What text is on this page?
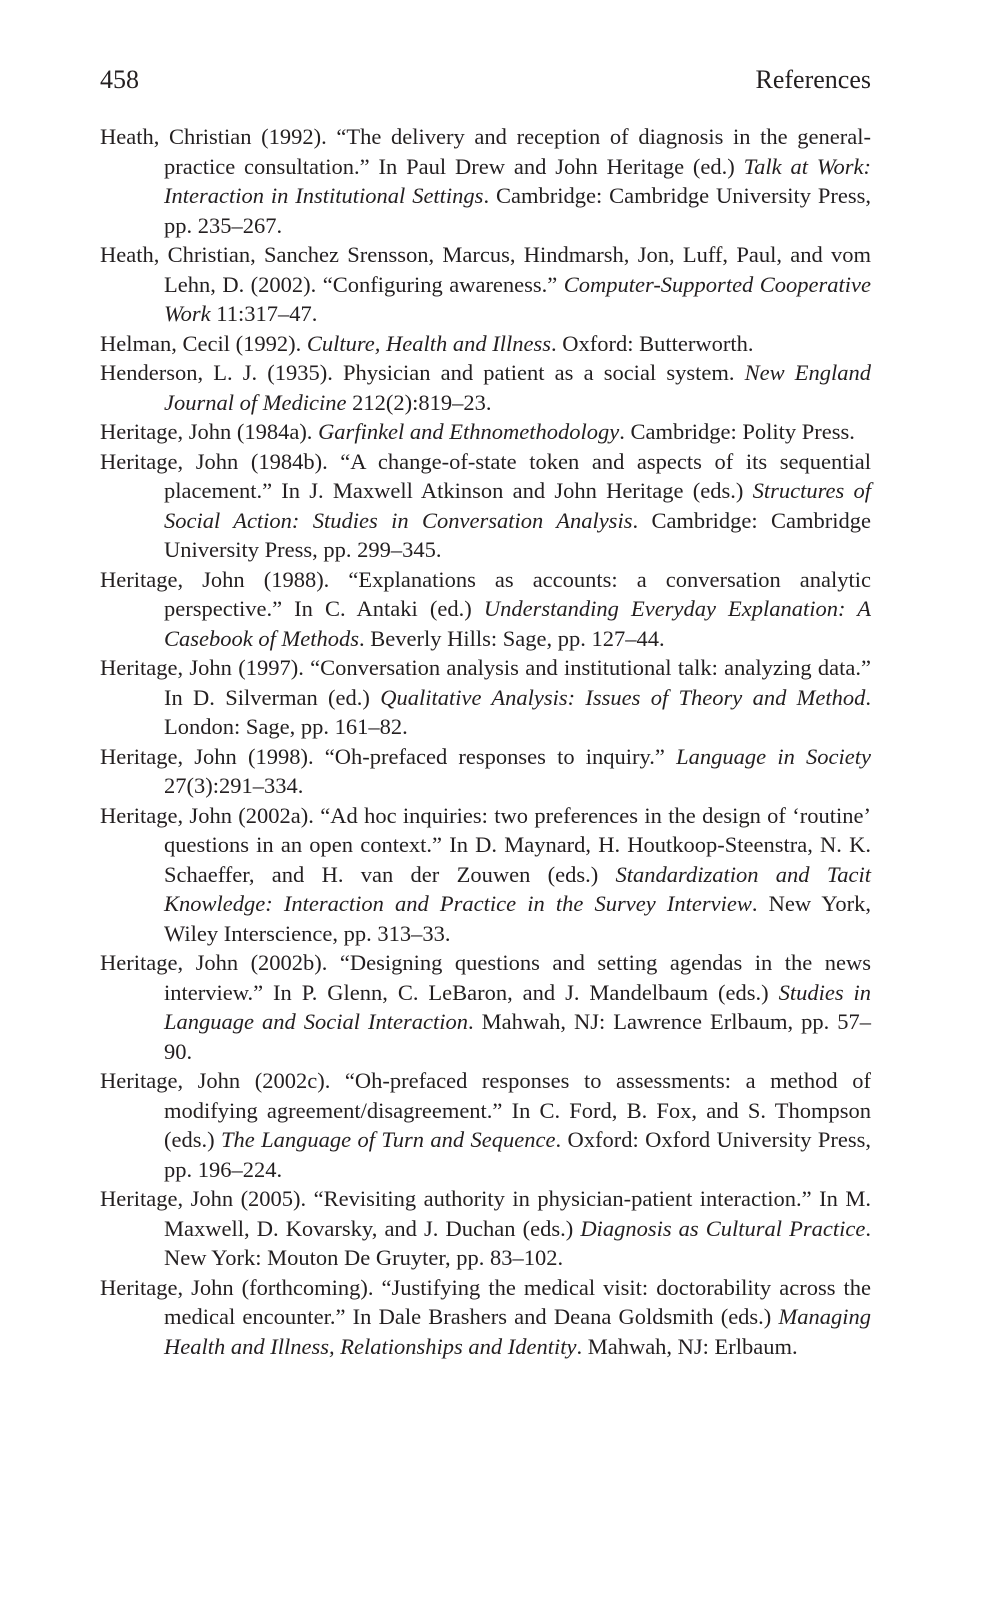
458	References
Heath, Christian (1992). “The delivery and reception of diagnosis in the general-practice consultation.” In Paul Drew and John Heritage (ed.) Talk at Work: Interaction in Institutional Settings. Cambridge: Cambridge University Press, pp. 235–267.
Heath, Christian, Sanchez Srensson, Marcus, Hindmarsh, Jon, Luff, Paul, and vom Lehn, D. (2002). “Configuring awareness.” Computer-Supported Cooperative Work 11:317–47.
Helman, Cecil (1992). Culture, Health and Illness. Oxford: Butterworth.
Henderson, L. J. (1935). Physician and patient as a social system. New England Journal of Medicine 212(2):819–23.
Heritage, John (1984a). Garfinkel and Ethnomethodology. Cambridge: Polity Press.
Heritage, John (1984b). “A change-of-state token and aspects of its sequential placement.” In J. Maxwell Atkinson and John Heritage (eds.) Structures of Social Action: Studies in Conversation Analysis. Cambridge: Cambridge University Press, pp. 299–345.
Heritage, John (1988). “Explanations as accounts: a conversation analytic perspective.” In C. Antaki (ed.) Understanding Everyday Explanation: A Casebook of Methods. Beverly Hills: Sage, pp. 127–44.
Heritage, John (1997). “Conversation analysis and institutional talk: analyzing data.” In D. Silverman (ed.) Qualitative Analysis: Issues of Theory and Method. London: Sage, pp. 161–82.
Heritage, John (1998). “Oh-prefaced responses to inquiry.” Language in Society 27(3):291–334.
Heritage, John (2002a). “Ad hoc inquiries: two preferences in the design of ‘routine’ questions in an open context.” In D. Maynard, H. Houtkoop-Steenstra, N. K. Schaeffer, and H. van der Zouwen (eds.) Standardization and Tacit Knowledge: Interaction and Practice in the Survey Interview. New York, Wiley Interscience, pp. 313–33.
Heritage, John (2002b). “Designing questions and setting agendas in the news interview.” In P. Glenn, C. LeBaron, and J. Mandelbaum (eds.) Studies in Language and Social Interaction. Mahwah, NJ: Lawrence Erlbaum, pp. 57–90.
Heritage, John (2002c). “Oh-prefaced responses to assessments: a method of modifying agreement/disagreement.” In C. Ford, B. Fox, and S. Thompson (eds.) The Language of Turn and Sequence. Oxford: Oxford University Press, pp. 196–224.
Heritage, John (2005). “Revisiting authority in physician-patient interaction.” In M. Maxwell, D. Kovarsky, and J. Duchan (eds.) Diagnosis as Cultural Practice. New York: Mouton De Gruyter, pp. 83–102.
Heritage, John (forthcoming). “Justifying the medical visit: doctorability across the medical encounter.” In Dale Brashers and Deana Goldsmith (eds.) Managing Health and Illness, Relationships and Identity. Mahwah, NJ: Erlbaum.
